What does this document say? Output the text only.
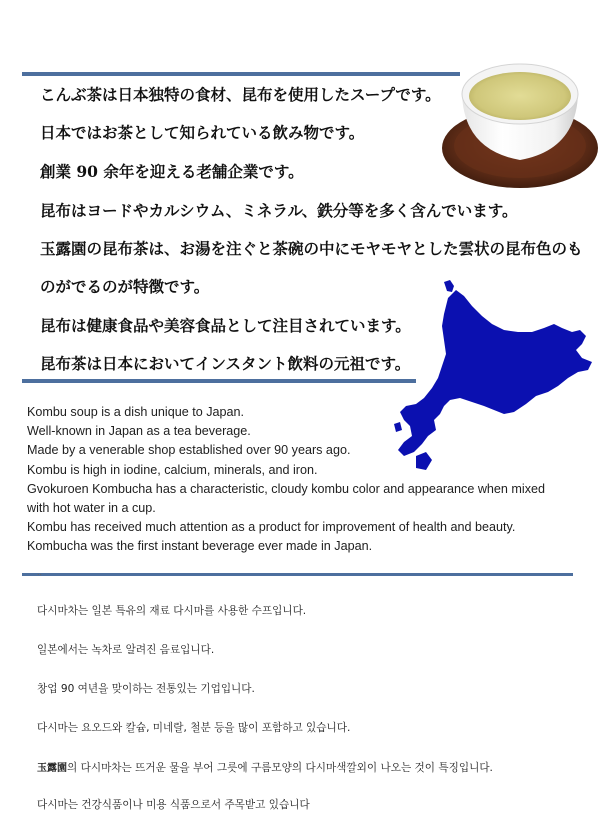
こんぶ茶は日本独特の食材、昆布を使用したスープです。
日本ではお茶として知られている飲み物です。
創業 90 余年を迎える老舗企業です。
昆布はヨードやカルシウム、ミネラル、鉄分等を多く含んでいます。
玉露園の昆布茶は、お湯を注ぐと茶碗の中にモヤモヤとした雲状の昆布色のも
のがでるのが特徴です。
昆布は健康食品や美容食品として注目されています。
昆布茶は日本においてインスタント飲料の元祖です。

Kombu soup is a dish unique to Japan.

Well-known in Japan as a tea beverage.

Made by a venerable shop established over 90 years ago.

Kombu is high in iodine, calcium, minerals, and iron.

Gvokuroen Kombucha has a characteristic, cloudy kombu color and appearance when mixed with hot water in a cup.

Kombu has received much attention as a product for improvement of health and beauty.

Kombucha was the first instant beverage ever made in Japan.

..
다시마차는 일본 특유의 재료 다시마를 사용한 수프입니다.
일본에서는 녹차로 알려진 음료입니다.
창업 90 여년을 맞이하는 전통있는 기업입니다.
다시마는 요오드와 칼슘, 미네랄, 철분 등을 많이 포함하고 있습니다.
玉露園의 다시마차는 뜨거운 물을 부어 그릇에 구름모양의 다시마색깔외이 나오는 것이 특징입니다.
다시마는 건강식품이나 미용 식품으로서 주목받고 있습니다
